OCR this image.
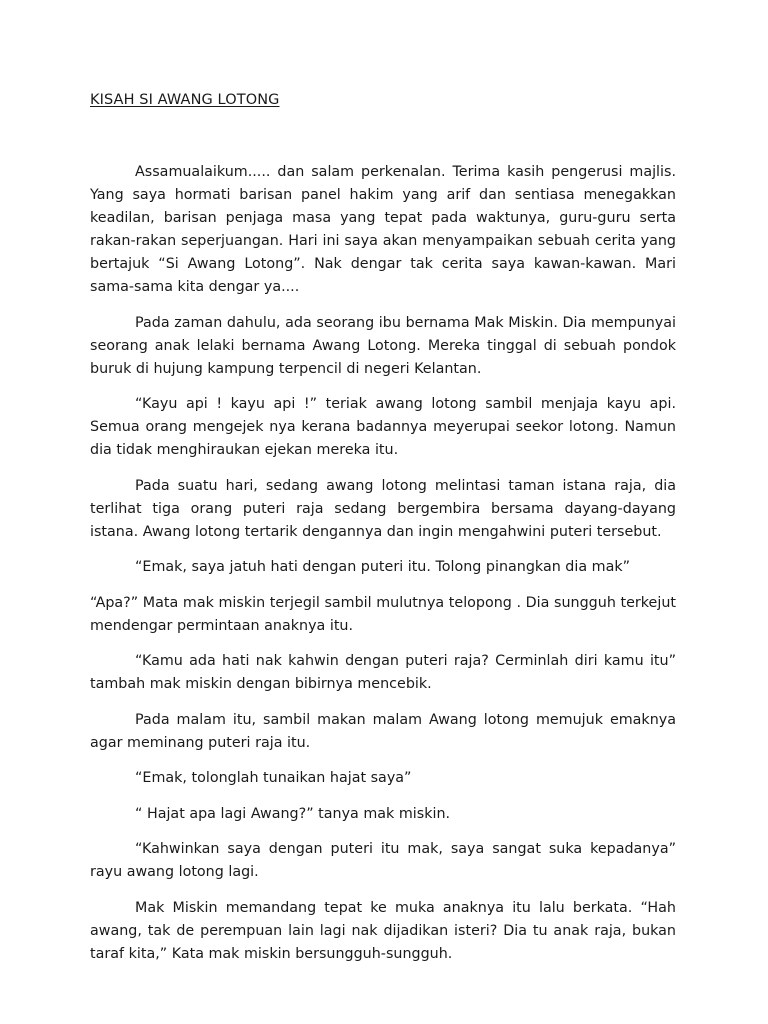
KISAH SI AWANG LOTONG

Assamualaikum..... dan salam perkenalan. Terima kasih pengerusi majlis. Yang saya hormati barisan panel hakim yang arif dan sentiasa menegakkan keadilan, barisan penjaga masa yang tepat pada waktunya, guru-guru serta rakan-rakan seperjuangan. Hari ini saya akan menyampaikan sebuah cerita yang bertajuk “Si Awang Lotong”. Nak dengar tak cerita saya kawan-kawan. Mari sama-sama kita dengar ya....

Pada zaman dahulu, ada seorang ibu bernama Mak Miskin. Dia mempunyai seorang anak lelaki bernama Awang Lotong. Mereka tinggal di sebuah pondok buruk di hujung kampung terpencil di negeri Kelantan.

“Kayu api ! kayu api !” teriak awang lotong sambil menjaja kayu api. Semua orang mengejek nya kerana badannya meyerupai seekor lotong. Namun dia tidak menghiraukan ejekan mereka itu.

Pada suatu hari, sedang awang lotong melintasi taman istana raja, dia terlihat tiga orang puteri raja sedang bergembira bersama dayang-dayang istana. Awang lotong tertarik dengannya dan ingin mengahwini puteri tersebut.

“Emak, saya jatuh hati dengan puteri itu. Tolong pinangkan dia mak”

“Apa?” Mata mak miskin terjegil sambil mulutnya telopong . Dia sungguh terkejut mendengar permintaan anaknya itu.

“Kamu ada hati nak kahwin dengan puteri raja? Cerminlah diri kamu itu” tambah mak miskin dengan bibirnya mencebik.

Pada malam itu, sambil makan malam Awang lotong memujuk emaknya agar meminang puteri raja itu.

“Emak, tolonglah tunaikan hajat saya”

“ Hajat apa lagi Awang?” tanya mak miskin.

“Kahwinkan saya dengan puteri itu mak, saya sangat suka kepadanya” rayu awang lotong lagi.

Mak Miskin memandang tepat ke muka anaknya itu lalu berkata. “Hah awang, tak de perempuan lain lagi nak dijadikan isteri? Dia tu anak raja, bukan taraf kita,” Kata mak miskin bersungguh-sungguh.
